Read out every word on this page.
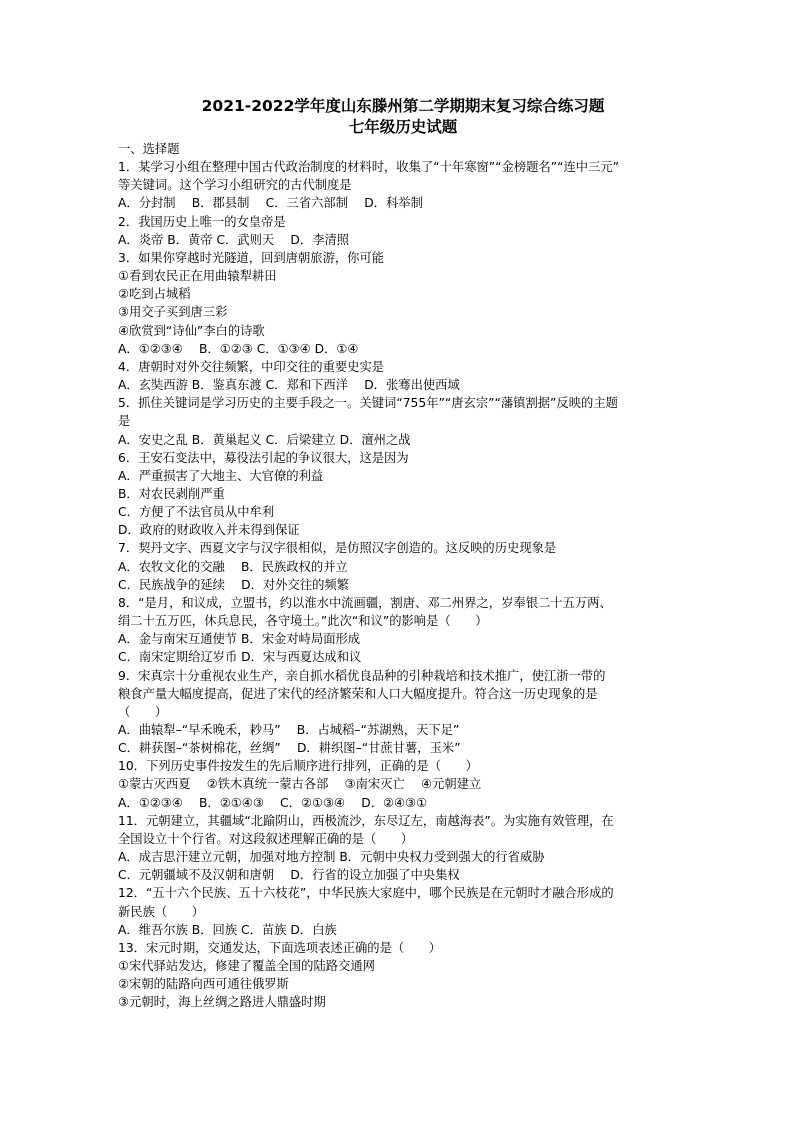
2021-2022学年度山东滕州第二学期期末复习综合练习题
七年级历史试题
一、选择题
1．某学习小组在整理中国古代政治制度的材料时，收集了“十年寒窗”“金榜题名”“连中三元”
等关键词。这个学习小组研究的古代制度是
A．分封制　 B．郡县制　 C．三省六部制　 D．科举制
2．我国历史上唯一的女皇帝是
A．炎帝 B．黄帝 C．武则天　 D．李清照
3．如果你穿越时光隧道，回到唐朝旅游，你可能
①看到农民正在用曲辕犁耕田
②吃到占城稻
③用交子买到唐三彩
④欣赏到“诗仙”李白的诗歌
A．①②③④　 B．①②③ C．①③④ D．①④
4．唐朝时对外交往频繁，中印交往的重要史实是
A．玄奘西游 B．鉴真东渡 C．郑和下西洋　 D．张骞出使西域
5．抓住关键词是学习历史的主要手段之一。关键词“755年”“唐玄宗”“藩镇割据”反映的主题
是
A．安史之乱 B．黄巢起义 C．后梁建立 D．澶州之战
6．王安石变法中，募役法引起的争议很大，这是因为
A．严重损害了大地主、大官僚的利益
B．对农民剥削严重
C．方便了不法官员从中牟利
D．政府的财政收入并未得到保证
7．契丹文字、西夏文字与汉字很相似，是仿照汉字创造的。这反映的历史现象是
A．农牧文化的交融　 B．民族政权的并立
C．民族战争的延续　 D．对外交往的频繁
8．“是月，和议成，立盟书，约以淮水中流画疆，割唐、邓二州界之，岁奉银二十五万两、
绢二十五万匹，休兵息民，各守境土。”此次“和议”的影响是（　　）
A．金与南宋互通使节 B．宋金对峙局面形成
C．南宋定期给辽岁币 D．宋与西夏达成和议
9．宋真宗十分重视农业生产，亲自抓水稻优良品种的引种栽培和技术推广，使江浙一带的
粮食产量大幅度提高，促进了宋代的经济繁荣和人口大幅度提升。符合这一历史现象的是
（　　）
A．曲辕犁–“早禾晚禾，耖马”　 B．占城稻–“苏湖熟，天下足”
C．耕获图–“茶树棉花，丝绸”　 D．耕织图–“甘蔗甘薯，玉米”
10．下列历史事件按发生的先后顺序进行排列，正确的是（　　）
①蒙古灭西夏　 ②铁木真统一蒙古各部　 ③南宋灭亡　 ④元朝建立
A．①②③④　 B．②①④③　 C．②①③④　 D．②④③①
11．元朝建立，其疆域“北踰阴山，西极流沙，东尽辽左，南越海表”。为实施有效管理，在
全国设立十个行省。对这段叙述理解正确的是（　　）
A．成吉思汗建立元朝，加强对地方控制 B．元朝中央权力受到强大的行省威胁
C．元朝疆域不及汉朝和唐朝　 D．行省的设立加强了中央集权
12．“五十六个民族、五十六枝花”，中华民族大家庭中，哪个民族是在元朝时才融合形成的
新民族（　　）
A．维吾尔族 B．回族 C．苗族 D．白族
13．宋元时期，交通发达，下面选项表述正确的是（　　）
①宋代驿站发达，修建了覆盖全国的陆路交通网
②宋朝的陆路向西可通往俄罗斯
③元朝时，海上丝绸之路进人鼎盛时期
